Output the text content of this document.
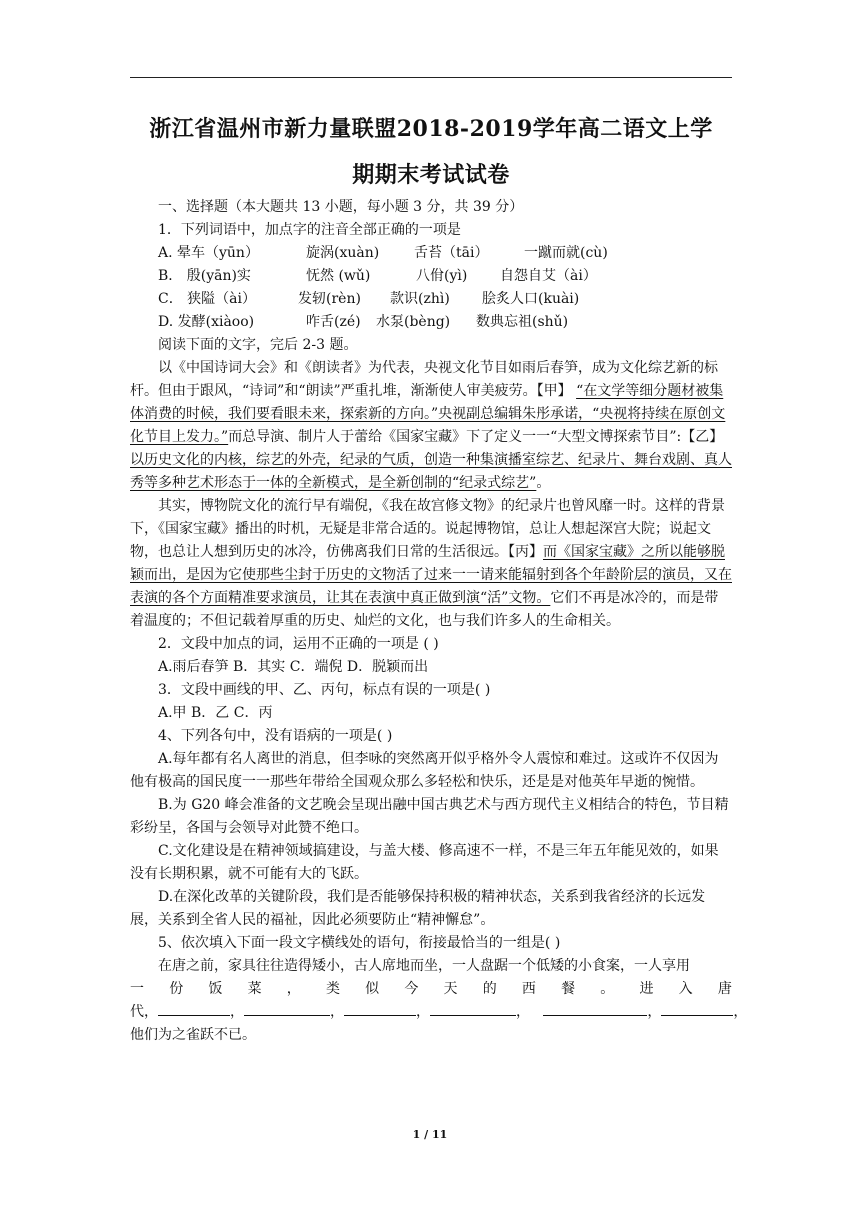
浙江省温州市新力量联盟2018-2019学年高二语文上学
期期末考试试卷

一、选择题（本大题共 13 小题，每小题 3 分，共 39 分）

1．下列词语中，加点字的注音全部正确的一项是

A. 晕车（yūn）	旋涡(xuàn)	舌苔（tāi）	一蹴而就(cù)
B． 殷(yān)实	怃然 (wǔ)	八佾(yì)	自怨自艾（ài）
C． 狭隘（ài）	发轫(rèn)	款识(zhì)	脍炙人口(kuài)
D. 发酵(xiàoo)	咋舌(zé)	水泵(bèng)	数典忘祖(shǔ)

阅读下面的文字，完后 2-3 题。

以《中国诗词大会》和《朗读者》为代表，央视文化节目如雨后春笋，成为文化综艺新的标杆。但由于跟风，“诗词”和“朗读”严重扎堆，渐渐使人审美疲劳。【甲】 “在文学等细分题材被集体消费的时候，我们要看眼未来，探索新的方向。”央视副总编辑朱彤承诺，“央视将持续在原创文化节目上发力。”而总导演、制片人于蕾给《国家宝藏》下了定义一一“大型文博探索节目”:【乙】以历史文化的内核，综艺的外壳，纪录的气质，创造一种集演播室综艺、纪录片、舞台戏剧、真人秀等多种艺术形态于一体的全新模式，是全新创制的“纪录式综艺”。

其实，博物院文化的流行早有端倪，《我在故宫修文物》的纪录片也曾风靡一时。这样的背景下，《国家宝藏》播出的时机，无疑是非常合适的。说起博物馆，总让人想起深宫大院；说起文物，也总让人想到历史的冰冷，仿佛离我们日常的生活很远。【丙】而《国家宝藏》之所以能够脱颖而出，是因为它使那些尘封于历史的文物活了过来一一请来能辐射到各个年龄阶层的演员，又在表演的各个方面精准要求演员，让其在表演中真正做到演“活”文物。它们不再是冰冷的，而是带着温度的；不但记载着厚重的历史、灿烂的文化，也与我们许多人的生命相关。

2．文段中加点的词，运用不正确的一项是 ( )

A.雨后春笋 B．其实 C．端倪 D．脱颖而出

3．文段中画线的甲、乙、丙句，标点有误的一项是( )

A.甲 B．乙 C．丙

4、下列各句中，没有语病的一项是( )

A.每年都有名人离世的消息，但李咏的突然离开似乎格外令人震惊和难过。这或许不仅因为他有极高的国民度一一那些年带给全国观众那么多轻松和快乐，还是是对他英年早逝的惋惜。

B.为 G20 峰会准备的文艺晚会呈现出融中国古典艺术与西方现代主义相结合的特色，节目精彩纷呈，各国与会领导对此赞不绝口。

C.文化建设是在精神领域搞建设，与盖大楼、修高速不一样，不是三年五年能见效的，如果没有长期积累，就不可能有大的飞跃。

D.在深化改革的关键阶段，我们是否能够保持积极的精神状态，关系到我省经济的长远发展，关系到全省人民的福祉，因此必须要防止“精神懈怠”。

5、依次填入下面一段文字横线处的语句，衔接最恰当的一组是( )

在唐之前，家具往往造得矮小，古人席地而坐，一人盘踞一个低矮的小食案，一人享用

一 份 饭 菜 ， 类 似 今 天 的 西 餐 。 进 入 唐
代，	，	，	，	，	，	，

他们为之雀跃不已。

1 / 11
